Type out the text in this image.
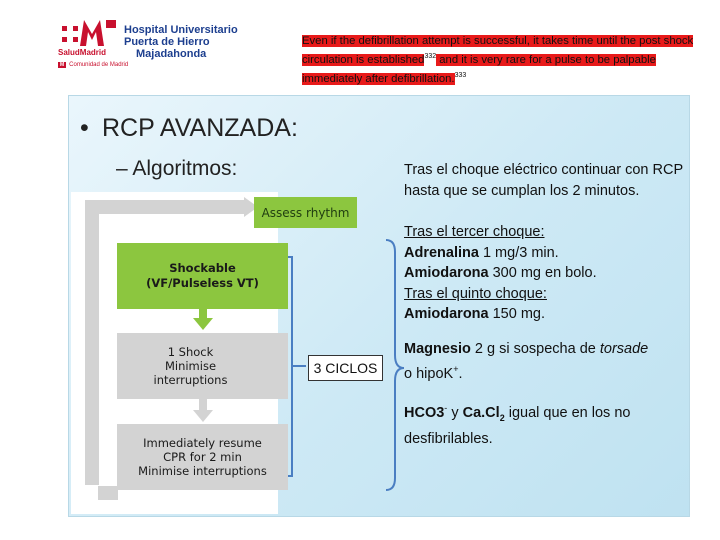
Hospital Universitario
Puerta de Hierro
Majadahonda
SaludMadrid
M Comunidad de Madrid
Even if the defibrillation attempt is successful, it takes time until the post shock circulation is established$^{332}$ and it is very rare for a pulse to be palpable immediately after defibrillation.$^{333}$
• RCP AVANZADA:
– Algoritmos:
Assess rhythm
Shockable
(VF/Pulseless VT)
1 Shock
Minimise
interruptions
Immediately resume
CPR for 2 min
Minimise interruptions
3 CICLOS

Tras el choque eléctrico continuar con RCP hasta que se cumplan los 2 minutos.

Tras el tercer choque:

Adrenalina 1 mg/3 min.

Amiodarona 300 mg en bolo.

Tras el quinto choque:

Amiodarona 150 mg.

Magnesio 2 g si sospecha de torsade

o hipoK+.

HCO3- y $Ca.Cl_2$ igual que en los no desfibrilables.
